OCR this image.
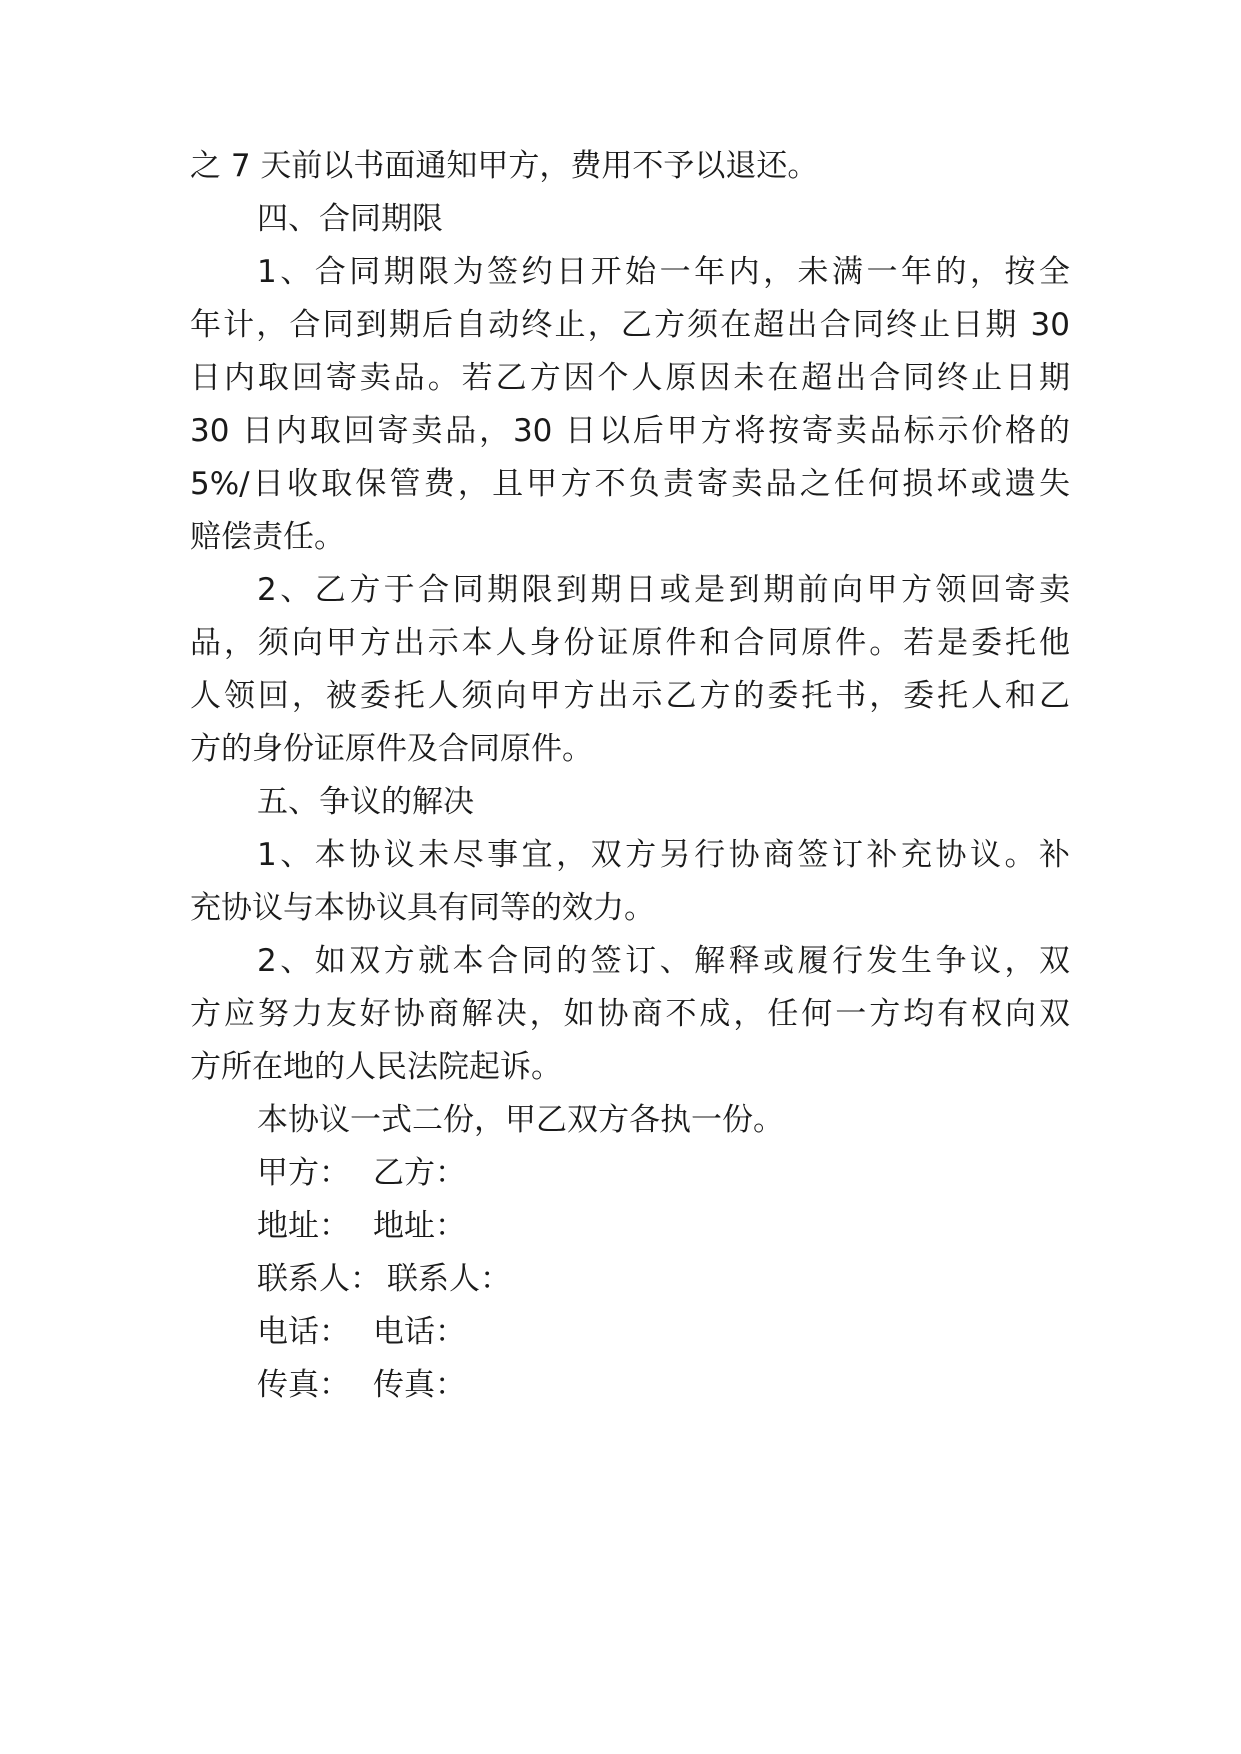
之 7 天前以书面通知甲方，费用不予以退还。
四、合同期限
1、合同期限为签约日开始一年内，未满一年的，按全
年计，合同到期后自动终止，乙方须在超出合同终止日期 30
日内取回寄卖品。若乙方因个人原因未在超出合同终止日期
30 日内取回寄卖品，30 日以后甲方将按寄卖品标示价格的
5%/日收取保管费，且甲方不负责寄卖品之任何损坏或遗失
赔偿责任。
2、乙方于合同期限到期日或是到期前向甲方领回寄卖
品，须向甲方出示本人身份证原件和合同原件。若是委托他
人领回，被委托人须向甲方出示乙方的委托书，委托人和乙
方的身份证原件及合同原件。
五、争议的解决
1、本协议未尽事宜，双方另行协商签订补充协议。补
充协议与本协议具有同等的效力。
2、如双方就本合同的签订、解释或履行发生争议，双
方应努力友好协商解决，如协商不成，任何一方均有权向双
方所在地的人民法院起诉。
本协议一式二份，甲乙双方各执一份。
甲方： 乙方：
地址： 地址：
联系人： 联系人：
电话： 电话：
传真： 传真：
